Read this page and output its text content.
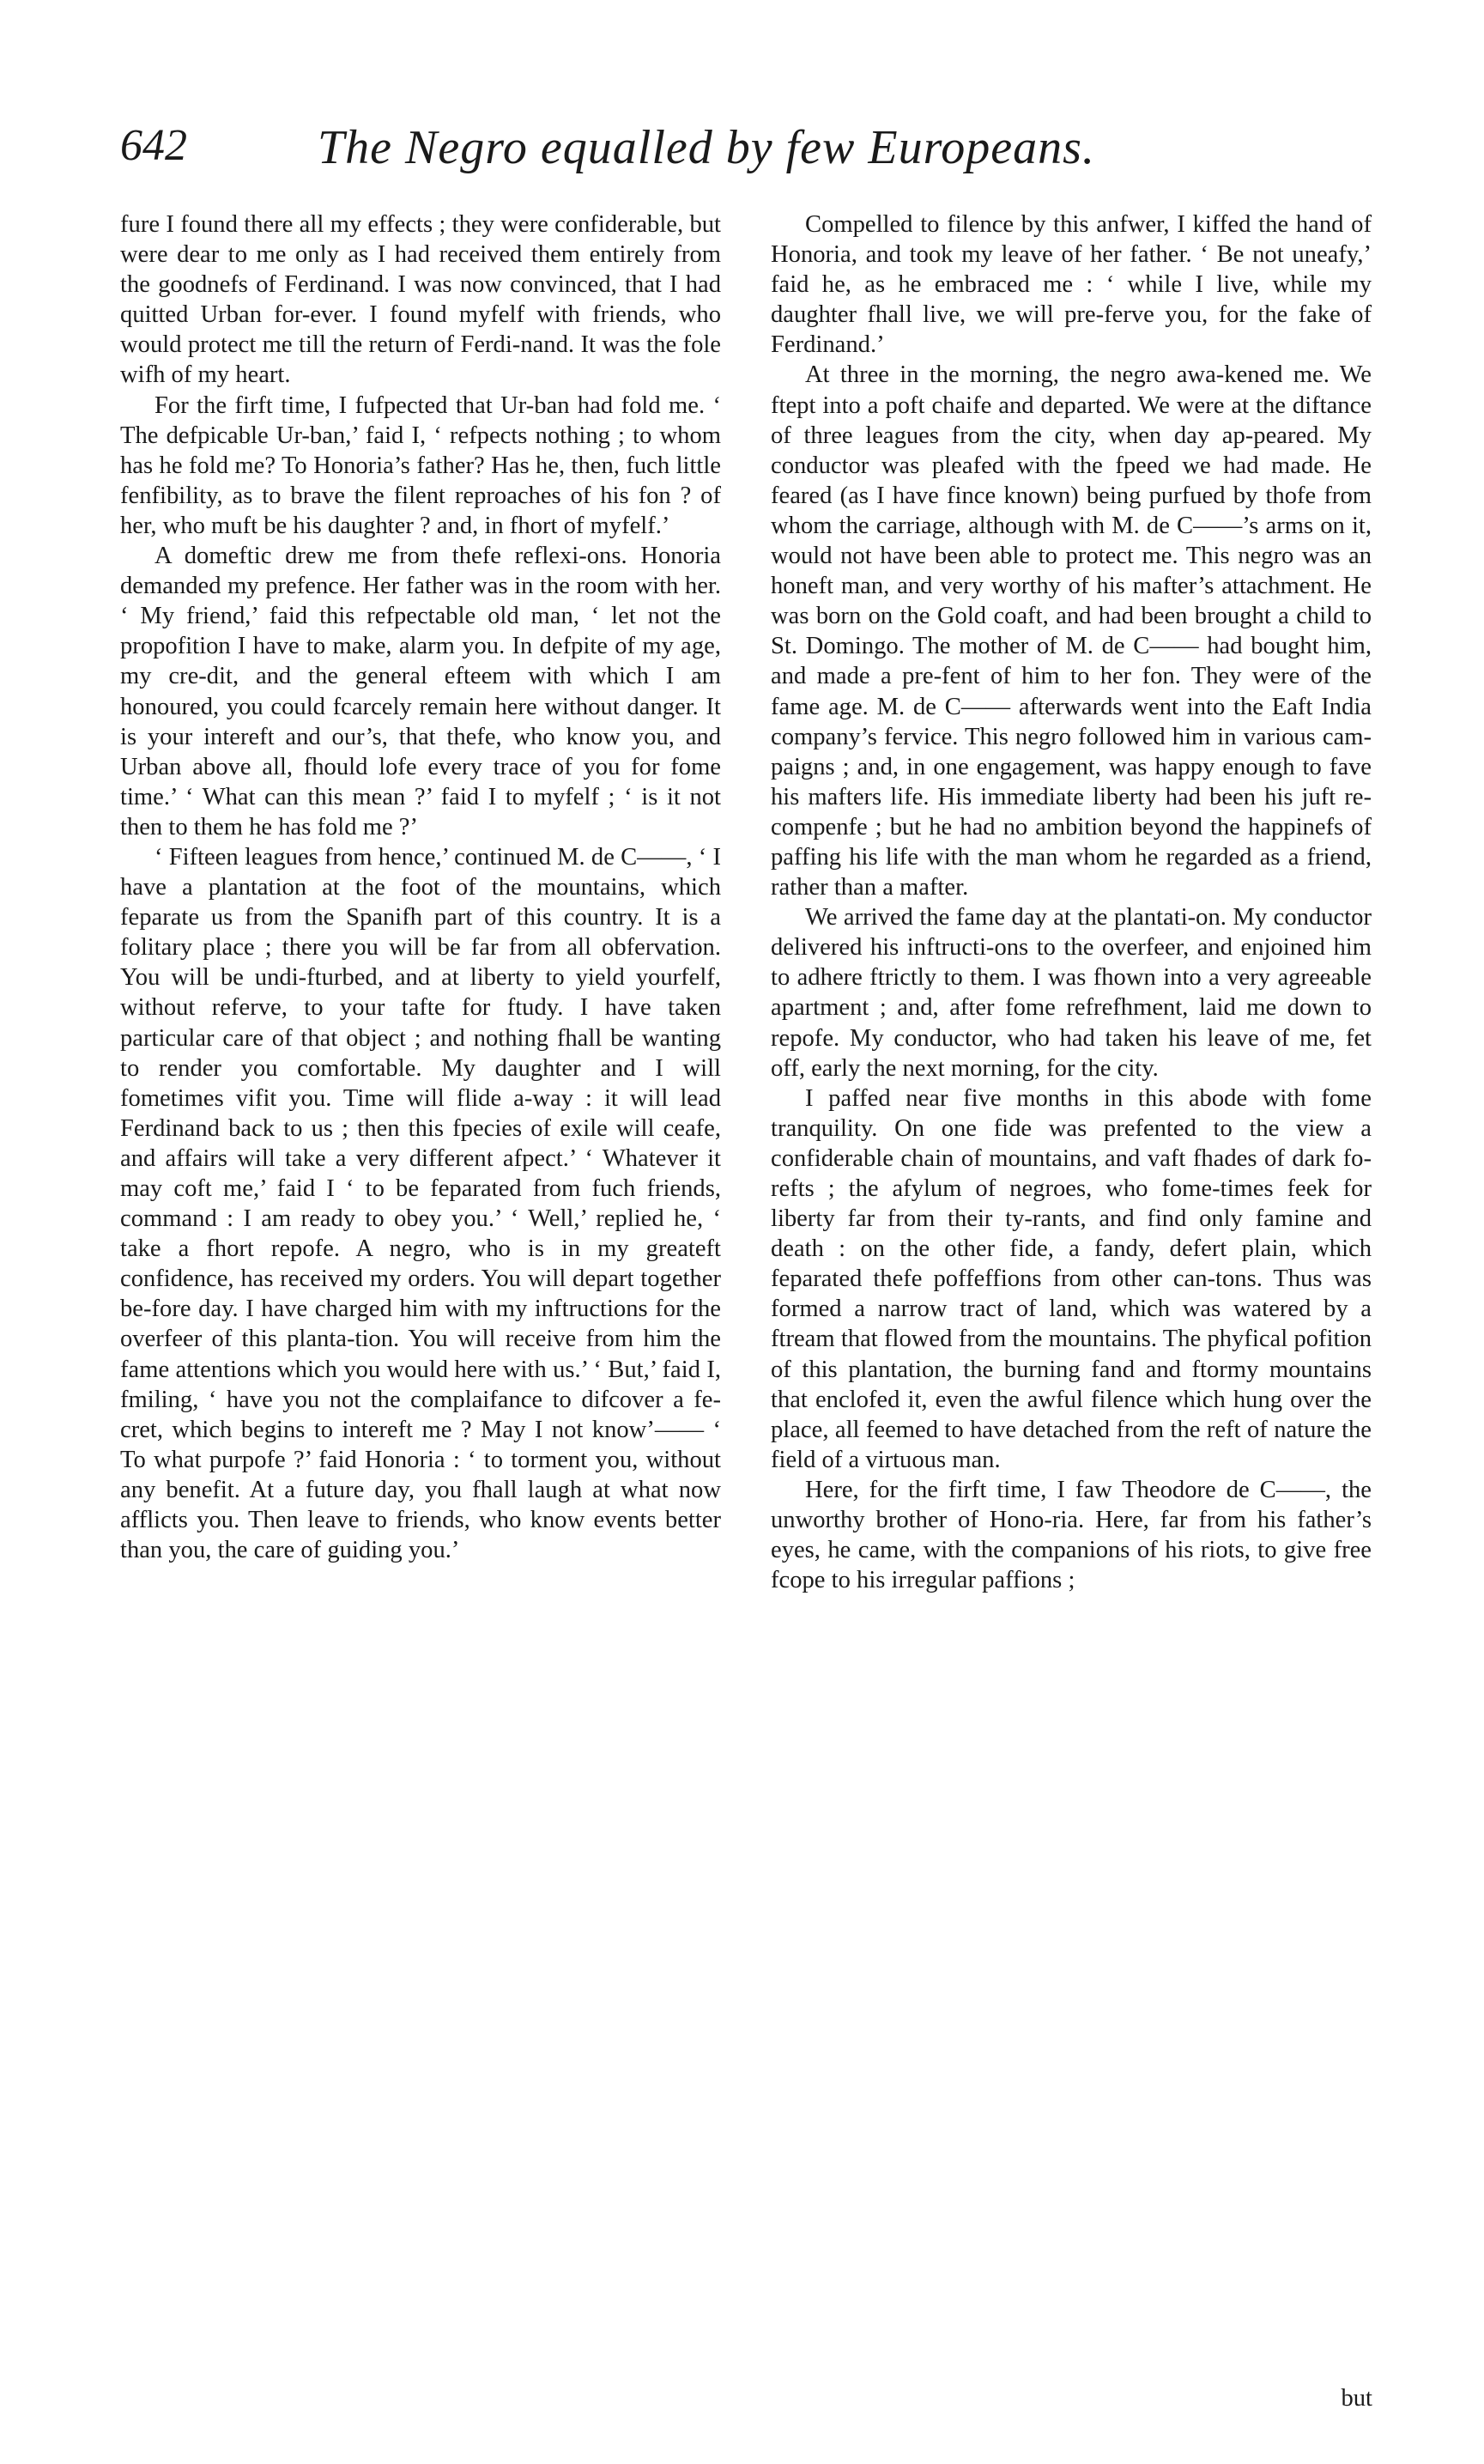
642	The Negro equalled by few Europeans.

fure I found there all my effects ; they were confiderable, but were dear to me only as I had received them entirely from the goodnefs of Ferdinand. I was now convinced, that I had quitted Urban for-ever. I found myfelf with friends, who would protect me till the return of Ferdi-nand. It was the fole wifh of my heart.

For the firft time, I fufpected that Ur-ban had fold me. ‘ The defpicable Ur-ban,’ faid I, ‘ refpects nothing ; to whom has he fold me? To Honoria’s father? Has he, then, fuch little fenfibility, as to brave the filent reproaches of his fon ? of her, who muft be his daughter ? and, in fhort of myfelf.’

A domeftic drew me from thefe reflexi-ons. Honoria demanded my prefence. Her father was in the room with her. ‘ My friend,’ faid this refpectable old man, ‘ let not the propofition I have to make, alarm you. In defpite of my age, my cre-dit, and the general efteem with which I am honoured, you could fcarcely remain here without danger. It is your intereft and our’s, that thefe, who know you, and Urban above all, fhould lofe every trace of you for fome time.’ ‘ What can this mean ?’ faid I to myfelf ; ‘ is it not then to them he has fold me ?’

‘ Fifteen leagues from hence,’ continued M. de C——, ‘ I have a plantation at the foot of the mountains, which feparate us from the Spanifh part of this country. It is a folitary place ; there you will be far from all obfervation. You will be undi-fturbed, and at liberty to yield yourfelf, without referve, to your tafte for ftudy. I have taken particular care of that object ; and nothing fhall be wanting to render you comfortable. My daughter and I will fometimes vifit you. Time will flide a-way : it will lead Ferdinand back to us ; then this fpecies of exile will ceafe, and affairs will take a very different afpect.’ ‘ Whatever it may coft me,’ faid I ‘ to be feparated from fuch friends, command : I am ready to obey you.’ ‘ Well,’ replied he, ‘ take a fhort repofe. A negro, who is in my greateft confidence, has received my orders. You will depart together be-fore day. I have charged him with my inftructions for the overfeer of this planta-tion. You will receive from him the fame attentions which you would here with us.’ ‘ But,’ faid I, fmiling, ‘ have you not the complaifance to difcover a fe-cret, which begins to intereft me ? May I not know’—— ‘ To what purpofe ?’ faid Honoria : ‘ to torment you, without any benefit. At a future day, you fhall laugh at what now afflicts you. Then leave to friends, who know events better than you, the care of guiding you.’

Compelled to filence by this anfwer, I kiffed the hand of Honoria, and took my leave of her father. ‘ Be not uneafy,’ faid he, as he embraced me : ‘ while I live, while my daughter fhall live, we will pre-ferve you, for the fake of Ferdinand.’

At three in the morning, the negro awa-kened me. We ftept into a poft chaife and departed. We were at the diftance of three leagues from the city, when day ap-peared. My conductor was pleafed with the fpeed we had made. He feared (as I have fince known) being purfued by thofe from whom the carriage, although with M. de C——’s arms on it, would not have been able to protect me. This negro was an honeft man, and very worthy of his mafter’s attachment. He was born on the Gold coaft, and had been brought a child to St. Domingo. The mother of M. de C—— had bought him, and made a pre-fent of him to her fon. They were of the fame age. M. de C—— afterwards went into the Eaft India company’s fervice. This negro followed him in various cam-paigns ; and, in one engagement, was happy enough to fave his mafters life. His immediate liberty had been his juft re-compenfe ; but he had no ambition beyond the happinefs of paffing his life with the man whom he regarded as a friend, rather than a mafter.

We arrived the fame day at the plantati-on. My conductor delivered his inftructi-ons to the overfeer, and enjoined him to adhere ftrictly to them. I was fhown into a very agreeable apartment ; and, after fome refrefhment, laid me down to repofe. My conductor, who had taken his leave of me, fet off, early the next morning, for the city.

I paffed near five months in this abode with fome tranquility. On one fide was prefented to the view a confiderable chain of mountains, and vaft fhades of dark fo-refts ; the afylum of negroes, who fome-times feek for liberty far from their ty-rants, and find only famine and death : on the other fide, a fandy, defert plain, which feparated thefe poffeffions from other can-tons. Thus was formed a narrow tract of land, which was watered by a ftream that flowed from the mountains. The phyfical pofition of this plantation, the burning fand and ftormy mountains that enclofed it, even the awful filence which hung over the place, all feemed to have detached from the reft of nature the field of a virtuous man.

Here, for the firft time, I faw Theodore de C——, the unworthy brother of Hono-ria. Here, far from his father’s eyes, he came, with the companions of his riots, to give free fcope to his irregular paffions ;

but
